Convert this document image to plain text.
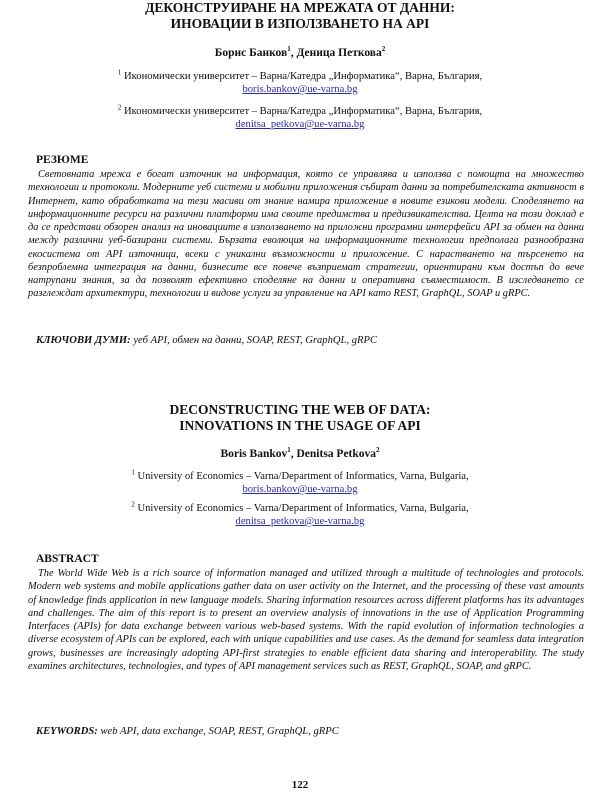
ДЕКОНСТРУИРАНЕ НА МРЕЖАТА ОТ ДАННИ:
ИНОВАЦИИ В ИЗПОЛЗВАНЕТО НА API
Борис Банков$^1$, Деница Петкова$^2$
$^1$ Икономически университет – Варна/Катедра „Информатика“, Варна, България,
boris.bankov@ue-varna.bg
$^2$ Икономически университет – Варна/Катедра „Информатика“, Варна, България,
denitsa_petkova@ue-varna.bg
РЕЗЮМЕ

Световната мрежа е богат източник на информация, която се управлява и използва с помощта на множество технологии и протоколи. Модерните уеб системи и мобилни приложения събират данни за потребителската активност в Интернет, като обработката на тези масиви от знание намира приложение в новите езикови модели. Споделянето на информационните ресурси на различни платформи има своите предимства и предизвикателства. Целта на този доклад е да се представи обзорен анализ на иновациите в използването на приложни програмни интерфейси API за обмен на данни между различни уеб-базирани системи. Бързата еволюция на информационните технологии предполага разнообразна екосистема от API източници, всеки с уникални възможности и приложение. С нарастването на търсенето на безпроблемна интеграция на данни, бизнесите все повече възприемат стратегии, ориентирани към достъп до вече натрупани знания, за да позволят ефективно споделяне на данни и оперативна съвместимост. В изследването се разглеждат архитектури, технологии и видове услуги за управление на API като REST, GraphQL, SOAP и gRPC.

КЛЮЧОВИ ДУМИ: уеб API, обмен на данни, SOAP, REST, GraphQL, gRPC
DECONSTRUCTING THE WEB OF DATA:
INNOVATIONS IN THE USAGE OF API
Boris Bankov$^1$, Denitsa Petkova$^2$
$^1$ University of Economics – Varna/Department of Informatics, Varna, Bulgaria,
boris.bankov@ue-varna.bg
$^2$ University of Economics – Varna/Department of Informatics, Varna, Bulgaria,
denitsa_petkova@ue-varna.bg
ABSTRACT

The World Wide Web is a rich source of information managed and utilized through a multitude of technologies and protocols. Modern web systems and mobile applications gather data on user activity on the Internet, and the processing of these vast amounts of knowledge finds application in new language models. Sharing information resources across different platforms has its advantages and challenges. The aim of this report is to present an overview analysis of innovations in the use of Application Programming Interfaces (APIs) for data exchange between various web-based systems. With the rapid evolution of information technologies a diverse ecosystem of APIs can be explored, each with unique capabilities and use cases. As the demand for seamless data integration grows, businesses are increasingly adopting API-first strategies to enable efficient data sharing and interoperability. The study examines architectures, technologies, and types of API management services such as REST, GraphQL, SOAP, and gRPC.

KEYWORDS: web API, data exchange, SOAP, REST, GraphQL, gRPC
122
